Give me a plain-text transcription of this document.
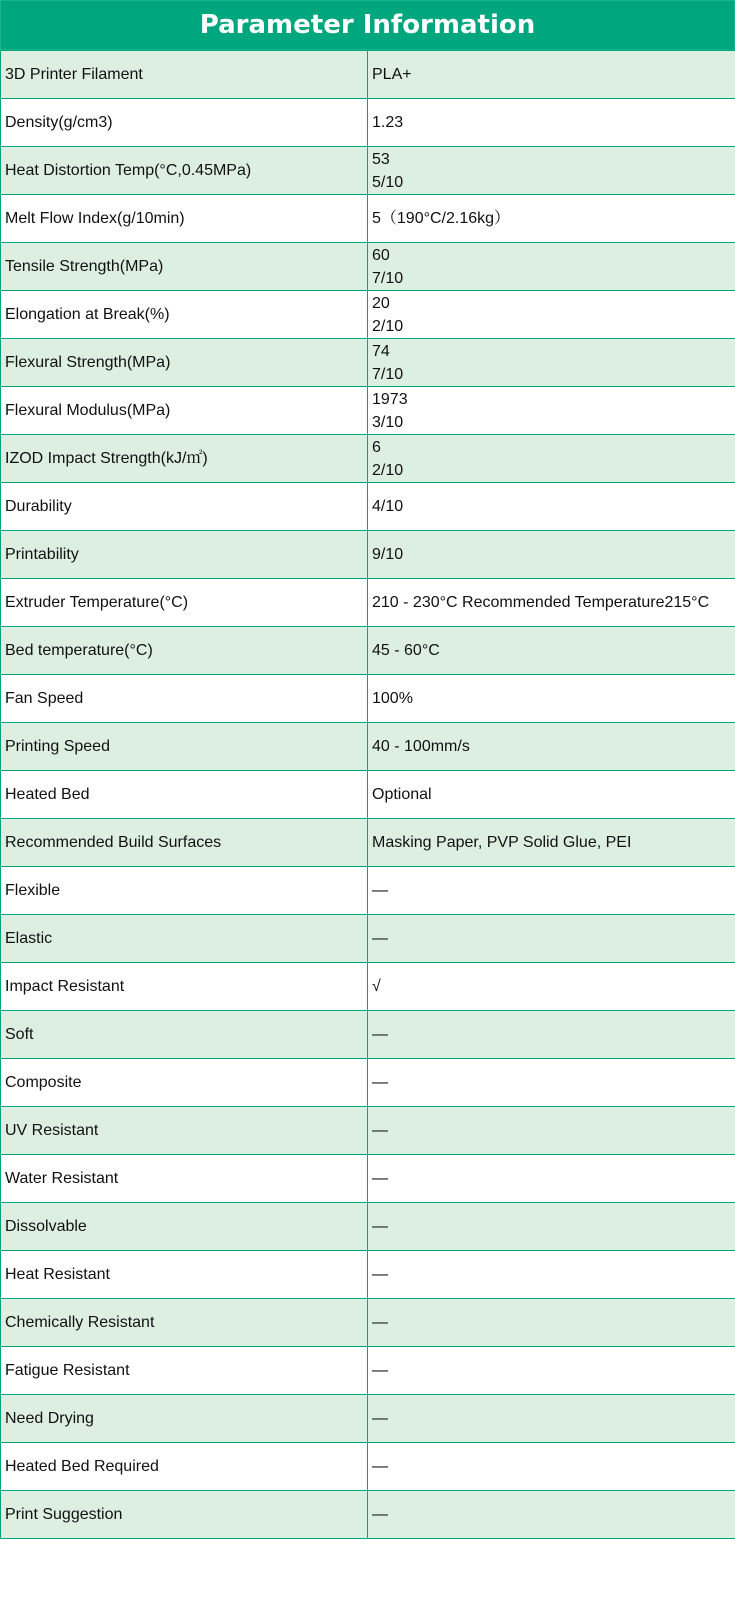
Parameter Information
3D Printer Filament	PLA+

Density(g/cm3)	1.23

Heat Distortion Temp(°C,0.45MPa)	53
5/10

Melt Flow Index(g/10min)	5（190°C/2.16kg）

Tensile Strength(MPa)	60
7/10

Elongation at Break(%)	20
2/10

Flexural Strength(MPa)	74
7/10

Flexural Modulus(MPa)	1973
3/10

IZOD Impact Strength(kJ/㎡)	6
2/10

Durability	4/10

Printability	9/10

Extruder Temperature(°C)	210 - 230°C Recommended Temperature215°C

Bed temperature(°C)	45 - 60°C

Fan Speed	100%

Printing Speed	40 - 100mm/s

Heated Bed	Optional

Recommended Build Surfaces	Masking Paper, PVP Solid Glue, PEI

Flexible	—

Elastic	—

Impact Resistant	√

Soft	—

Composite	—

UV Resistant	—

Water Resistant	—

Dissolvable	—

Heat Resistant	—

Chemically Resistant	—

Fatigue Resistant	—

Need Drying	—

Heated Bed Required	—

Print Suggestion	—
